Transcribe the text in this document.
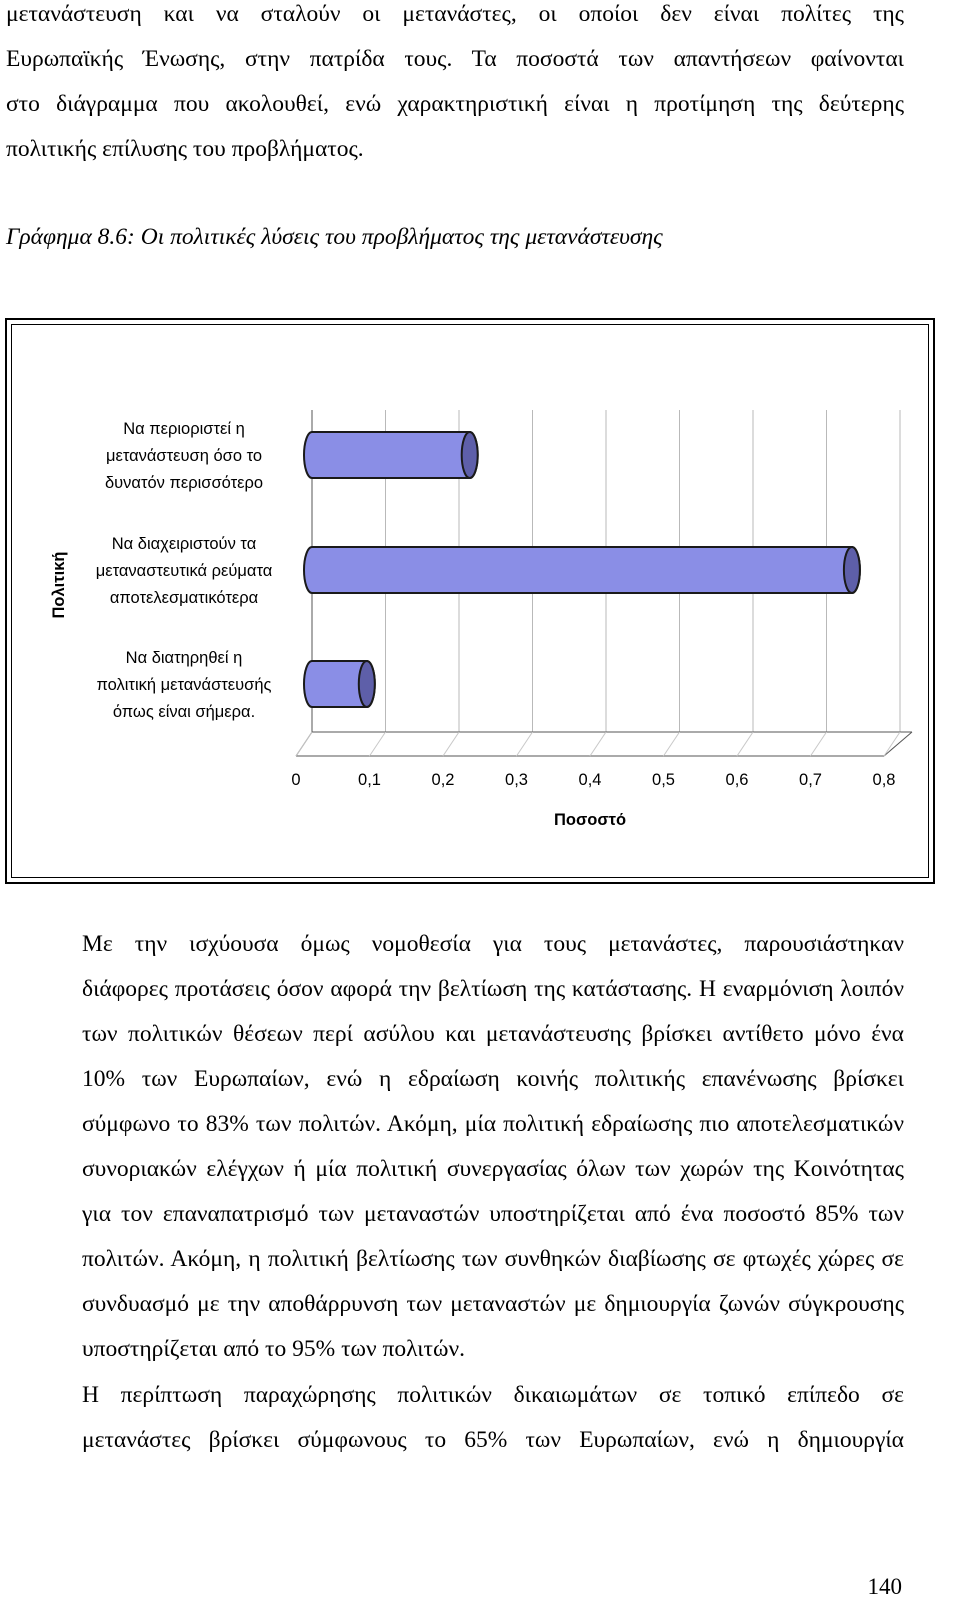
μετανάστευση και να σταλούν οι μετανάστες, οι οποίοι δεν είναι πολίτες της
Ευρωπαϊκής Ένωσης, στην πατρίδα τους. Τα ποσοστά των απαντήσεων φαίνονται
στο διάγραμμα που ακολουθεί, ενώ χαρακτηριστική είναι η προτίμηση της δεύτερης
πολιτικής επίλυσης του προβλήματος.
Γράφημα 8.6: Οι πολιτικές λύσεις του προβλήματος της μετανάστευσης
Να περιοριστεί η μετανάστευση όσο το δυνατόν περισσότερο
Να διαχειριστούν τα μεταναστευτικά ρεύματα αποτελεσματικότερα
Να διατηρηθεί η πολιτική μετανάστευσής όπως είναι σήμερα.
0	0,1	0,2	0,3	0,4	0,5	0,6	0,7	0,8
Ποσοστό
Πολιτική
Με την ισχύουσα όμως νομοθεσία για τους μετανάστες, παρουσιάστηκαν
διάφορες προτάσεις όσον αφορά την βελτίωση της κατάστασης. Η εναρμόνιση λοιπόν
των πολιτικών θέσεων περί ασύλου και μετανάστευσης βρίσκει αντίθετο μόνο ένα
10% των Ευρωπαίων, ενώ η εδραίωση κοινής πολιτικής επανένωσης βρίσκει
σύμφωνο το 83% των πολιτών. Ακόμη, μία πολιτική εδραίωσης πιο αποτελεσματικών
συνοριακών ελέγχων ή μία πολιτική συνεργασίας όλων των χωρών της Κοινότητας
για τον επαναπατρισμό των μεταναστών υποστηρίζεται από ένα ποσοστό 85% των
πολιτών. Ακόμη, η πολιτική βελτίωσης των συνθηκών διαβίωσης σε φτωχές χώρες σε
συνδυασμό με την αποθάρρυνση των μεταναστών με δημιουργία ζωνών σύγκρουσης
υποστηρίζεται από το 95% των πολιτών.
Η περίπτωση παραχώρησης πολιτικών δικαιωμάτων σε τοπικό επίπεδο σε
μετανάστες βρίσκει σύμφωνους το 65% των Ευρωπαίων, ενώ η δημιουργία
140
